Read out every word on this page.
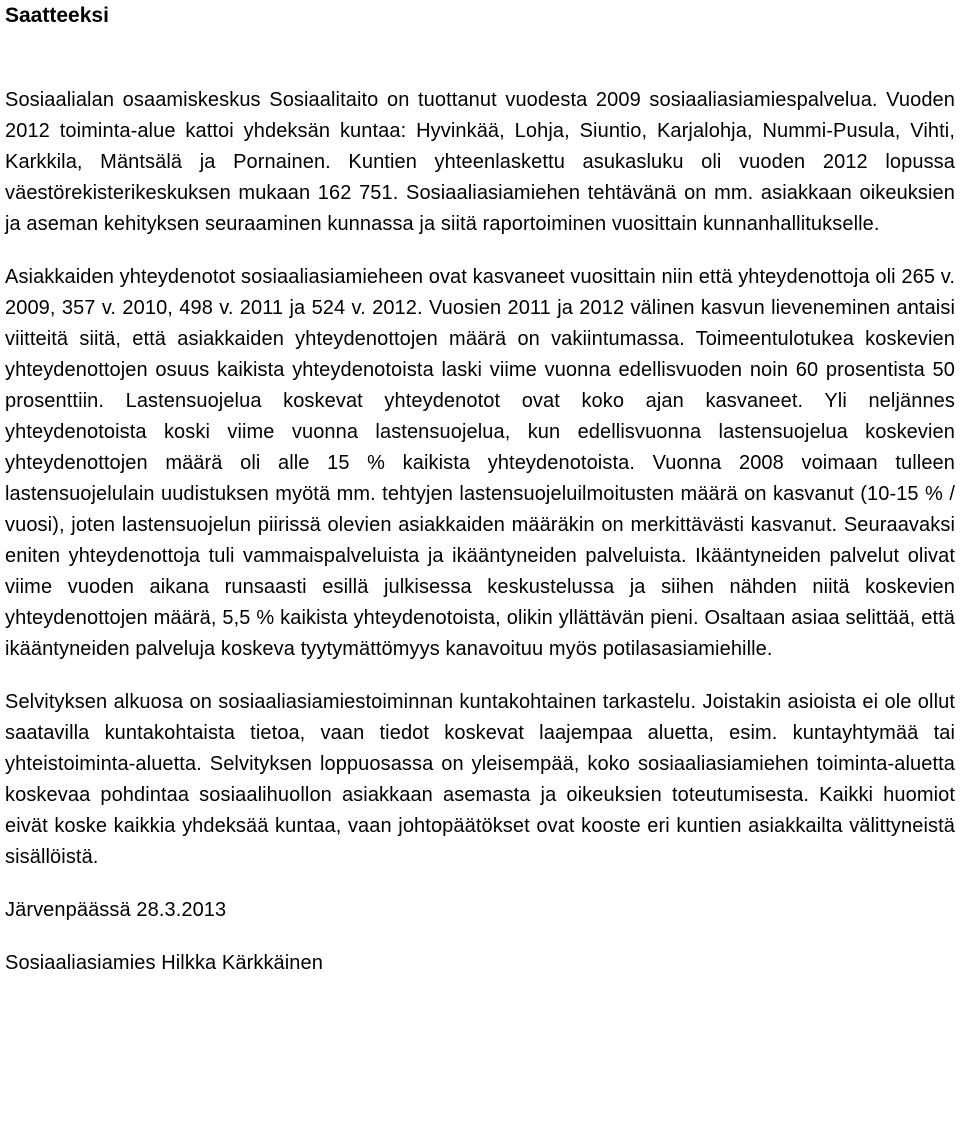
Saatteeksi

Sosiaalialan osaamiskeskus Sosiaalitaito on tuottanut vuodesta 2009 sosiaaliasiamiespalvelua. Vuoden 2012 toiminta-alue kattoi yhdeksän kuntaa: Hyvinkää, Lohja, Siuntio, Karjalohja, Nummi-Pusula, Vihti, Karkkila, Mäntsälä ja Pornainen. Kuntien yhteenlaskettu asukasluku oli vuoden 2012 lopussa väestörekisterikeskuksen mukaan 162 751. Sosiaaliasiamiehen tehtävänä on mm. asiakkaan oikeuksien ja aseman kehityksen seuraaminen kunnassa ja siitä raportoiminen vuosittain kunnanhallitukselle.

Asiakkaiden yhteydenotot sosiaaliasiamieheen ovat kasvaneet vuosittain niin että yhteydenottoja oli 265 v. 2009, 357 v. 2010, 498 v. 2011 ja 524 v. 2012. Vuosien 2011 ja 2012 välinen kasvun lieveneminen antaisi viitteitä siitä, että asiakkaiden yhteydenottojen määrä on vakiintumassa. Toimeentulotukea koskevien yhteydenottojen osuus kaikista yhteydenotoista laski viime vuonna edellisvuoden noin 60 prosentista 50 prosenttiin. Lastensuojelua koskevat yhteydenotot ovat koko ajan kasvaneet. Yli neljännes yhteydenotoista koski viime vuonna lastensuojelua, kun edellisvuonna lastensuojelua koskevien yhteydenottojen määrä oli alle 15 % kaikista yhteydenotoista. Vuonna 2008 voimaan tulleen lastensuojelulain uudistuksen myötä mm. tehtyjen lastensuojeluilmoitusten määrä on kasvanut (10-15 % / vuosi), joten lastensuojelun piirissä olevien asiakkaiden määräkin on merkittävästi kasvanut. Seuraavaksi eniten yhteydenottoja tuli vammaispalveluista ja ikääntyneiden palveluista. Ikääntyneiden palvelut olivat viime vuoden aikana runsaasti esillä julkisessa keskustelussa ja siihen nähden niitä koskevien yhteydenottojen määrä, 5,5 % kaikista yhteydenotoista, olikin yllättävän pieni. Osaltaan asiaa selittää, että ikääntyneiden palveluja koskeva tyytymättömyys kanavoituu myös potilasasiamiehille.

Selvityksen alkuosa on sosiaaliasiamiestoiminnan kuntakohtainen tarkastelu. Joistakin asioista ei ole ollut saatavilla kuntakohtaista tietoa, vaan tiedot koskevat laajempaa aluetta, esim. kuntayhtymää tai yhteistoiminta-aluetta. Selvityksen loppuosassa on yleisempää, koko sosiaaliasiamiehen toiminta-aluetta koskevaa pohdintaa sosiaalihuollon asiakkaan asemasta ja oikeuksien toteutumisesta. Kaikki huomiot eivät koske kaikkia yhdeksää kuntaa, vaan johtopäätökset ovat kooste eri kuntien asiakkailta välittyneistä sisällöistä.

Järvenpäässä 28.3.2013

Sosiaaliasiamies Hilkka Kärkkäinen
